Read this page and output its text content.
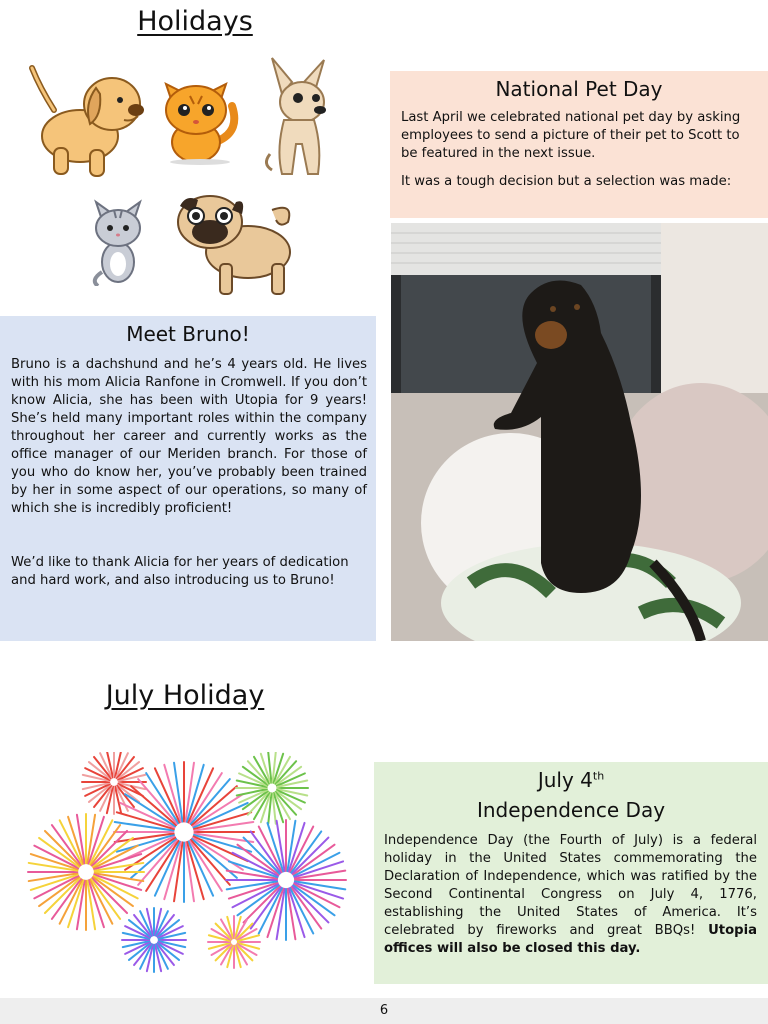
Holidays
National Pet Day
Last April we celebrated national pet day by asking employees to send a picture of their pet to Scott to be featured in the next issue.
It was a tough decision but a selection was made:
Meet Bruno!
Bruno is a dachshund and he’s 4 years old. He lives with his mom Alicia Ranfone in Cromwell. If you don’t know Alicia, she has been with Utopia for 9 years! She’s held many important roles within the company throughout her career and currently works as the office manager of our Meriden branch. For those of you who do know her, you’ve probably been trained by her in some aspect of our operations, so many of which she is incredibly proficient!
We’d like to thank Alicia for her years of dedication and hard work, and also introducing us to Bruno!
July Holiday
July 4th
Independence Day
Independence Day (the Fourth of July) is a federal holiday in the United States commemorating the Declaration of Independence, which was ratified by the Second Continental Congress on July 4, 1776, establishing the United States of America. It’s celebrated by fireworks and great BBQs! Utopia offices will also be closed this day.
6
